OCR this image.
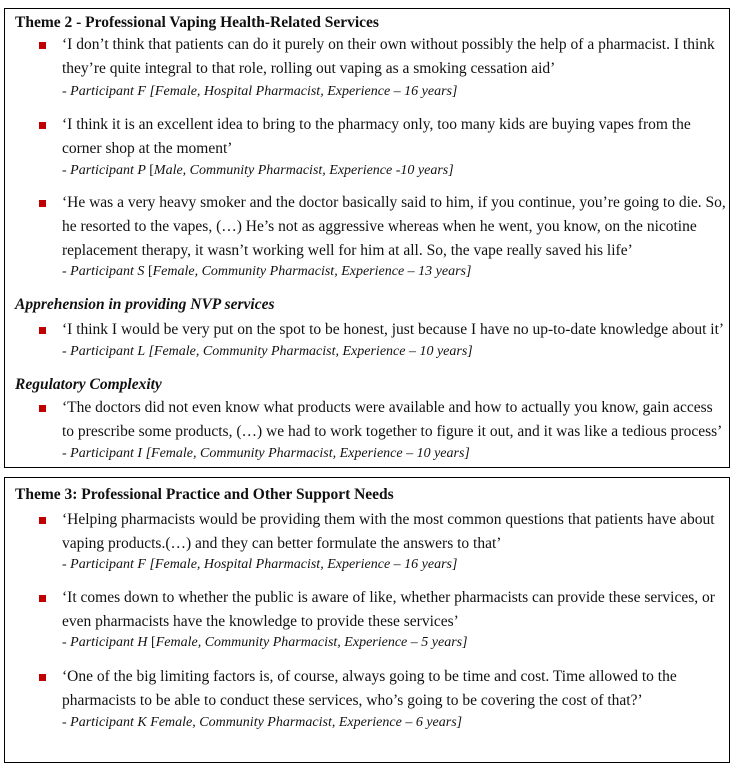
Theme 2 - Professional Vaping Health-Related Services
‘I don’t think that patients can do it purely on their own without possibly the help of a pharmacist. I think they’re quite integral to that role, rolling out vaping as a smoking cessation aid’
- Participant F [Female, Hospital Pharmacist, Experience – 16 years]
‘I think it is an excellent idea to bring to the pharmacy only, too many kids are buying vapes from the corner shop at the moment’
- Participant P [Male, Community Pharmacist, Experience -10 years]
‘He was a very heavy smoker and the doctor basically said to him, if you continue, you’re going to die. So, he resorted to the vapes, (…) He’s not as aggressive whereas when he went, you know, on the nicotine replacement therapy, it wasn’t working well for him at all. So, the vape really saved his life’
- Participant S [Female, Community Pharmacist, Experience – 13 years]
Apprehension in providing NVP services
‘I think I would be very put on the spot to be honest, just because I have no up-to-date knowledge about it’
- Participant L [Female, Community Pharmacist, Experience – 10 years]
Regulatory Complexity
‘The doctors did not even know what products were available and how to actually you know, gain access to prescribe some products, (…) we had to work together to figure it out, and it was like a tedious process’
- Participant I [Female, Community Pharmacist, Experience – 10 years]
Theme 3: Professional Practice and Other Support Needs
‘Helping pharmacists would be providing them with the most common questions that patients have about vaping products.(…) and they can better formulate the answers to that’
- Participant F [Female, Hospital Pharmacist, Experience – 16 years]
‘It comes down to whether the public is aware of like, whether pharmacists can provide these services, or even pharmacists have the knowledge to provide these services’
- Participant H [Female, Community Pharmacist, Experience – 5 years]
‘One of the big limiting factors is, of course, always going to be time and cost. Time allowed to the pharmacists to be able to conduct these services, who’s going to be covering the cost of that?’
- Participant K Female, Community Pharmacist, Experience – 6 years]
